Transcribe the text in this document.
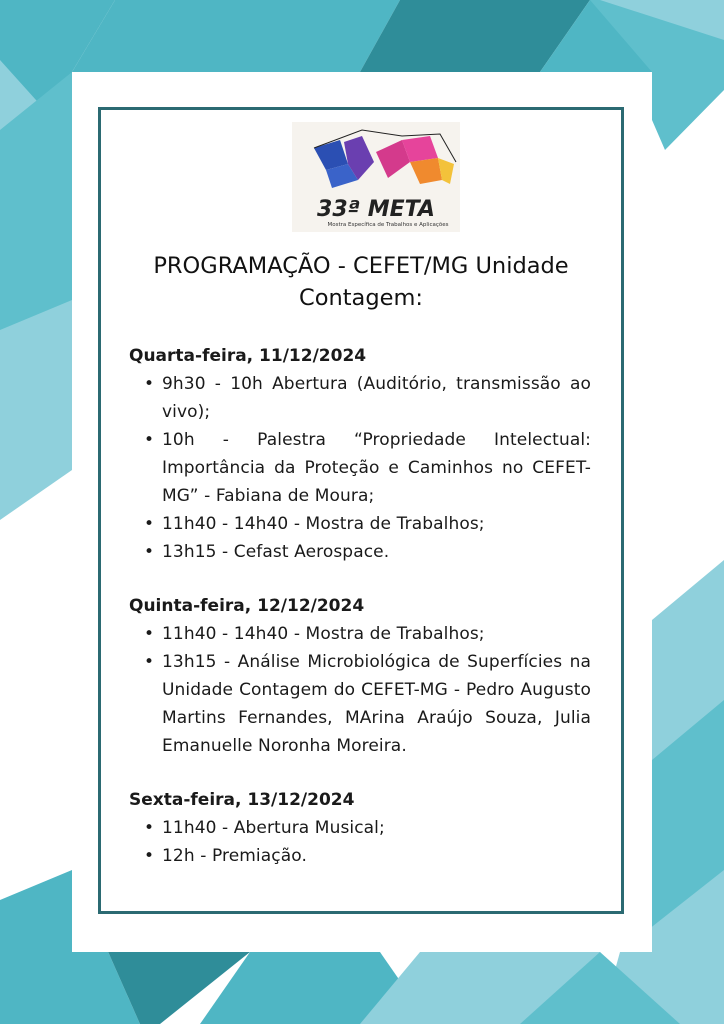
33ª META
Mostra Específica de Trabalhos e Aplicações
PROGRAMAÇÃO - CEFET/MG Unidade Contagem:

Quarta-feira, 11/12/2024

• 9h30 - 10h Abertura (Auditório, transmissão ao vivo);
• 10h - Palestra “Propriedade Intelectual: Importância da Proteção e Caminhos no CEFET-MG” - Fabiana de Moura;
• 11h40 - 14h40 - Mostra de Trabalhos;
• 13h15 - Cefast Aerospace.

Quinta-feira, 12/12/2024

• 11h40 - 14h40 - Mostra de Trabalhos;
• 13h15 - Análise Microbiológica de Superfícies na Unidade Contagem do CEFET-MG - Pedro Augusto Martins Fernandes, MArina Araújo Souza, Julia Emanuelle Noronha Moreira.

Sexta-feira, 13/12/2024

• 11h40 - Abertura Musical;
• 12h - Premiação.
